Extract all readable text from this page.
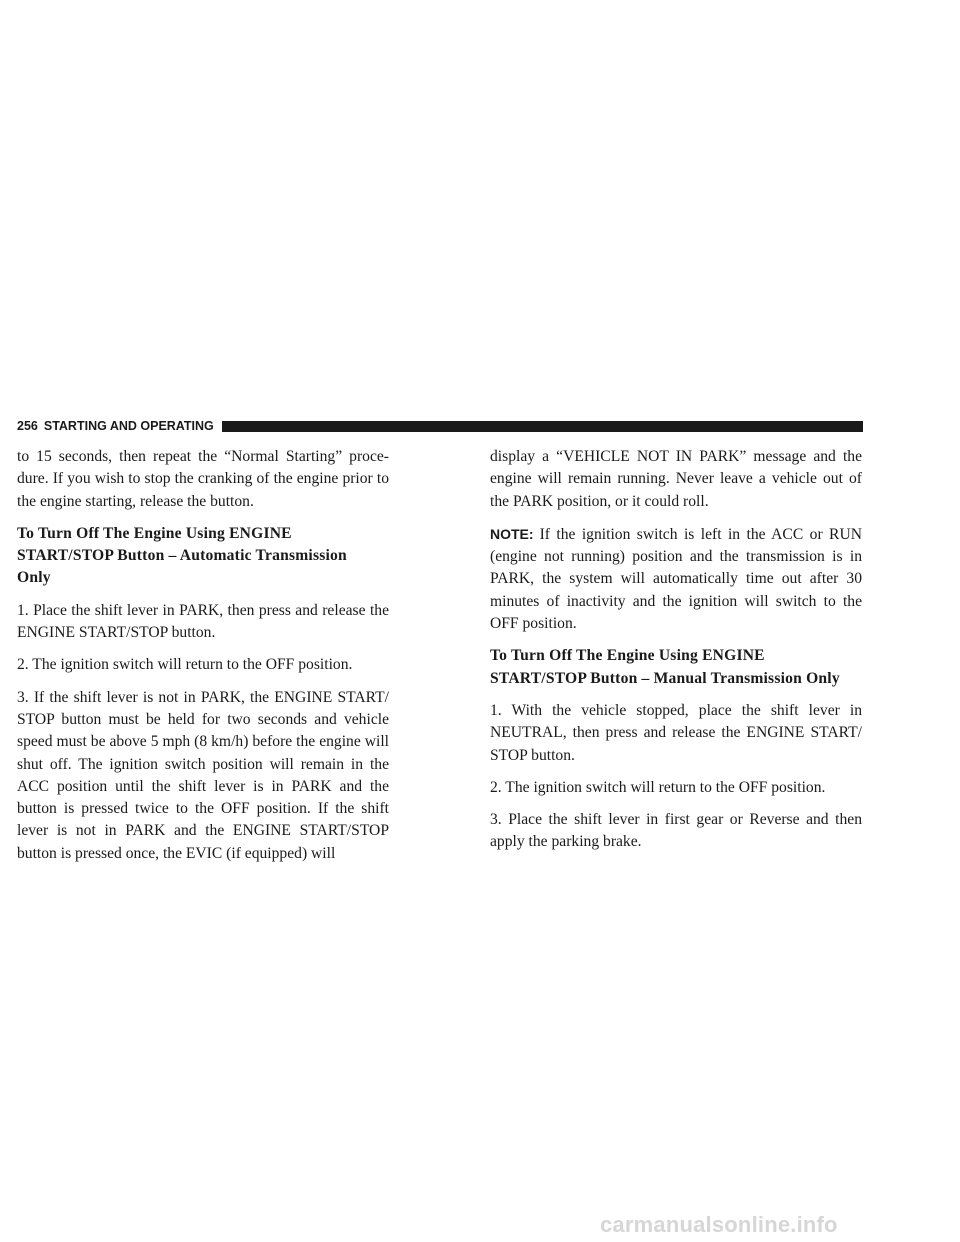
256 STARTING AND OPERATING

to 15 seconds, then repeat the “Normal Starting” proce- dure. If you wish to stop the cranking of the engine prior to the engine starting, release the button.

To Turn Off The Engine Using ENGINE
START/STOP Button – Automatic Transmission
Only

1. Place the shift lever in PARK, then press and release the ENGINE START/STOP button.

2. The ignition switch will return to the OFF position.

3. If the shift lever is not in PARK, the ENGINE START/ STOP button must be held for two seconds and vehicle speed must be above 5 mph (8 km/h) before the engine will shut off. The ignition switch position will remain in the ACC position until the shift lever is in PARK and the button is pressed twice to the OFF position. If the shift lever is not in PARK and the ENGINE START/STOP button is pressed once, the EVIC (if equipped) will

display a “VEHICLE NOT IN PARK” message and the engine will remain running. Never leave a vehicle out of the PARK position, or it could roll.

NOTE: If the ignition switch is left in the ACC or RUN (engine not running) position and the transmission is in PARK, the system will automatically time out after 30 minutes of inactivity and the ignition will switch to the OFF position.

To Turn Off The Engine Using ENGINE
START/STOP Button – Manual Transmission Only

1. With the vehicle stopped, place the shift lever in NEUTRAL, then press and release the ENGINE START/ STOP button.

2. The ignition switch will return to the OFF position.

3. Place the shift lever in first gear or Reverse and then apply the parking brake.

carmanualsonline.info
